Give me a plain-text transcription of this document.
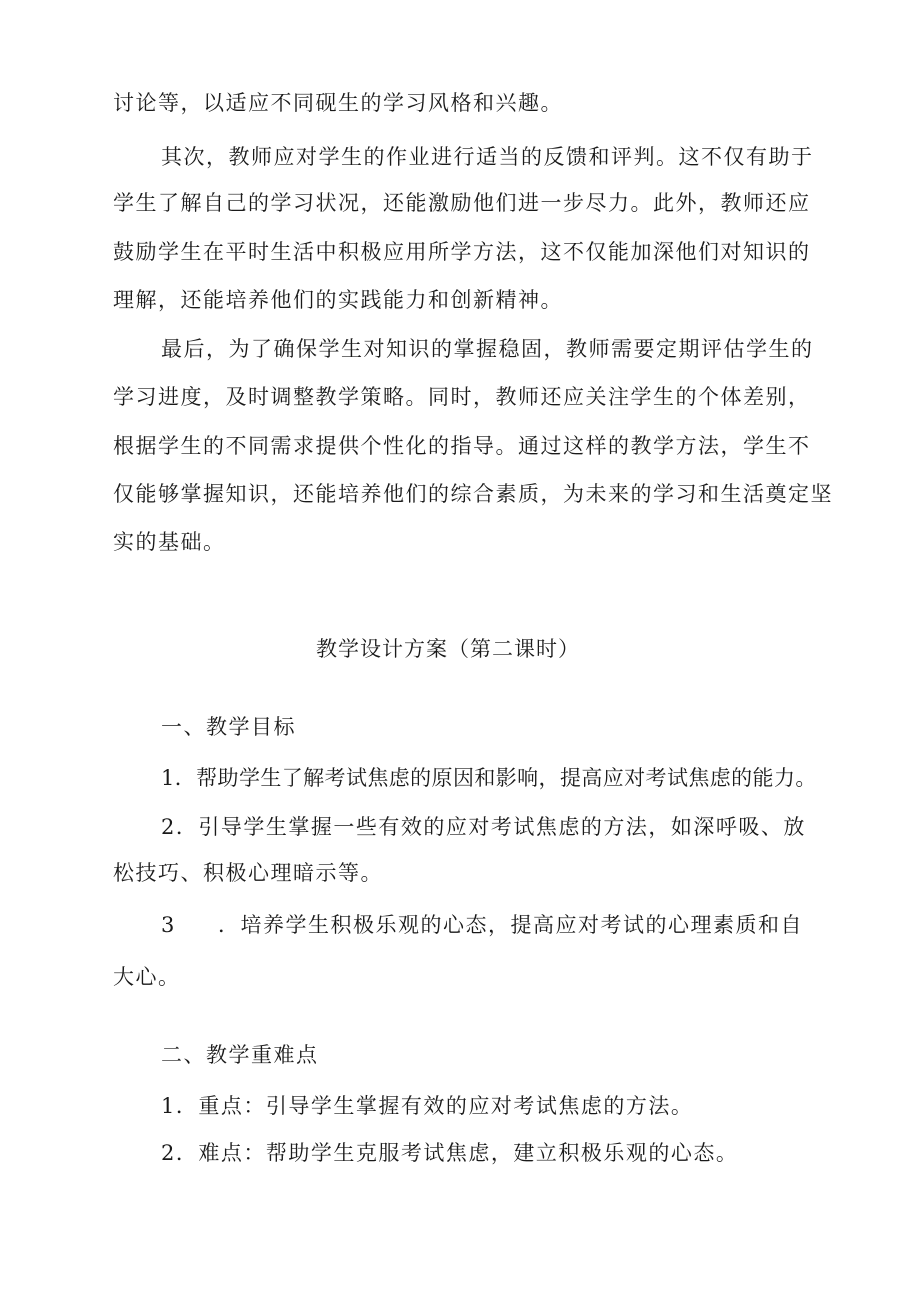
讨论等，以适应不同砚生的学习风格和兴趣。
其次，教师应对学生的作业进行适当的反馈和评判。这不仅有助于
学生了解自己的学习状况，还能激励他们进一步尽力。此外，教师还应
鼓励学生在平时生活中积极应用所学方法，这不仅能加深他们对知识的
理解，还能培养他们的实践能力和创新精神。
最后，为了确保学生对知识的掌握稳固，教师需要定期评估学生的
学习进度，及时调整教学策略。同时，教师还应关注学生的个体差别，
根据学生的不同需求提供个性化的指导。通过这样的教学方法，学生不
仅能够掌握知识，还能培养他们的综合素质，为未来的学习和生活奠定坚
实的基础。
教学设计方案（第二课时）
一、教学目标
1．帮助学生了解考试焦虑的原因和影响，提高应对考试焦虑的能力。
2．引导学生掌握一些有效的应对考试焦虑的方法，如深呼吸、放
松技巧、积极心理暗示等。
3 ．培养学生积极乐观的心态，提高应对考试的心理素质和自
大心。
二、教学重难点
1．重点：引导学生掌握有效的应对考试焦虑的方法。
2．难点：帮助学生克服考试焦虑，建立积极乐观的心态。
